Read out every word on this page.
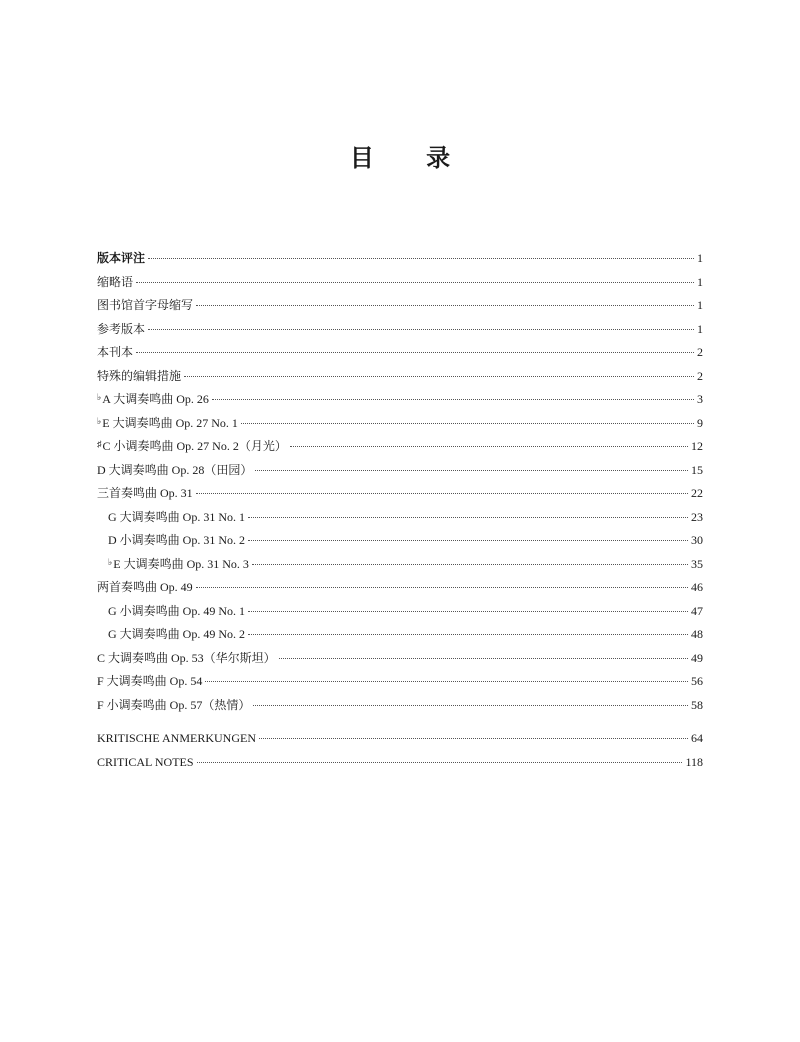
目 录
版本评注	1
缩略语	1
图书馆首字母缩写	1
参考版本	1
本刊本	2
特殊的编辑措施	2
♭A 大调奏鸣曲 Op. 26	3
♭E 大调奏鸣曲 Op. 27 No. 1	9
♯C 小调奏鸣曲 Op. 27 No. 2（月光）	12
D 大调奏鸣曲 Op. 28（田园）	15
三首奏鸣曲 Op. 31	22
G 大调奏鸣曲 Op. 31 No. 1	23
D 小调奏鸣曲 Op. 31 No. 2	30
♭E 大调奏鸣曲 Op. 31 No. 3	35
两首奏鸣曲 Op. 49	46
G 小调奏鸣曲 Op. 49 No. 1	47
G 大调奏鸣曲 Op. 49 No. 2	48
C 大调奏鸣曲 Op. 53（华尔斯坦）	49
F 大调奏鸣曲 Op. 54	56
F 小调奏鸣曲 Op. 57（热情）	58
KRITISCHE ANMERKUNGEN	64
CRITICAL NOTES	118
